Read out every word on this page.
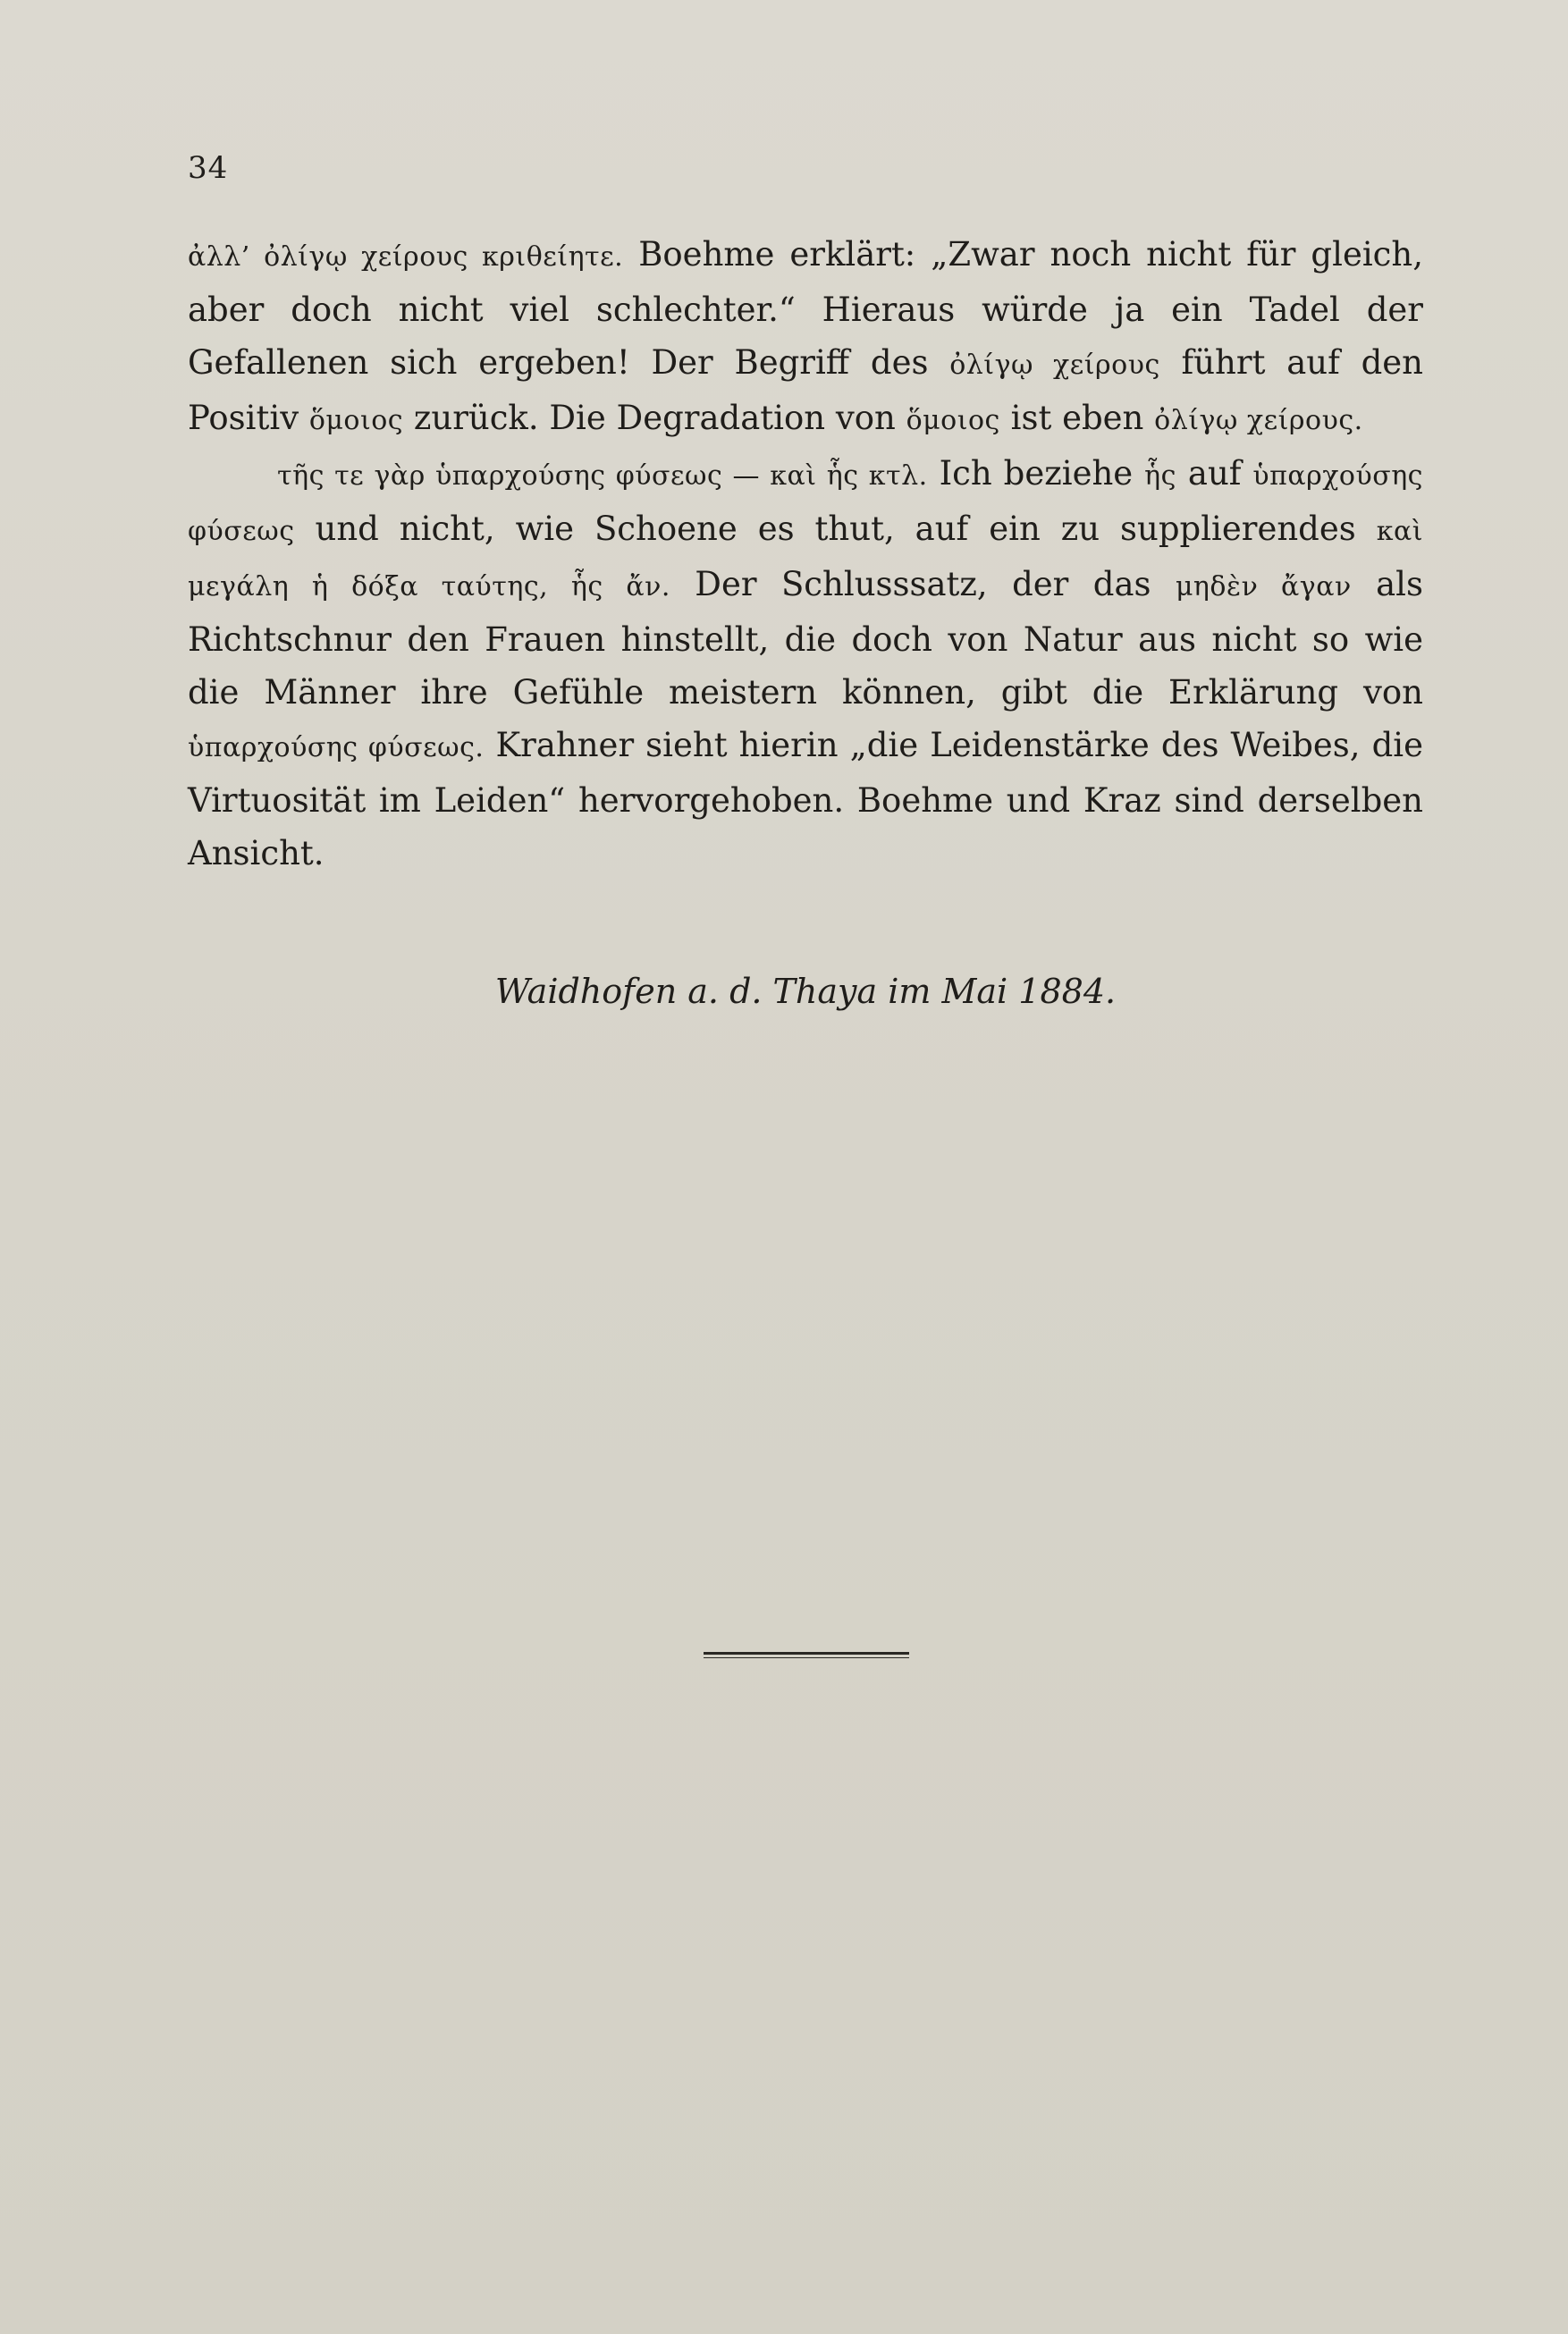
34

ἀλλ’ ὀλίγῳ χείρους κριθείητε. Boehme erklärt: „Zwar noch nicht für gleich, aber doch nicht viel schlechter.“ Hieraus würde ja ein Tadel der Gefallenen sich ergeben! Der Begriff des ὀλίγῳ χείρους führt auf den Positiv ὅμοιος zurück. Die Degradation von ὅμοιος ist eben ὀλίγῳ χείρους.

τῆς τε γὰρ ὑπαρχούσης φύσεως — καὶ ἧς κτλ. Ich beziehe ἧς auf ὑπαρχούσης φύσεως und nicht, wie Schoene es thut, auf ein zu supplierendes καὶ μεγάλη ἡ δόξα ταύτης, ἧς ἄν. Der Schlusssatz, der das μηδὲν ἄγαν als Richtschnur den Frauen hinstellt, die doch von Natur aus nicht so wie die Männer ihre Gefühle meistern können, gibt die Erklärung von ὑπαρχούσης φύσεως. Krahner sieht hierin „die Leidenstärke des Weibes, die Virtuosität im Leiden“ hervorgehoben. Boehme und Kraz sind derselben Ansicht.

Waidhofen a. d. Thaya im Mai 1884.
